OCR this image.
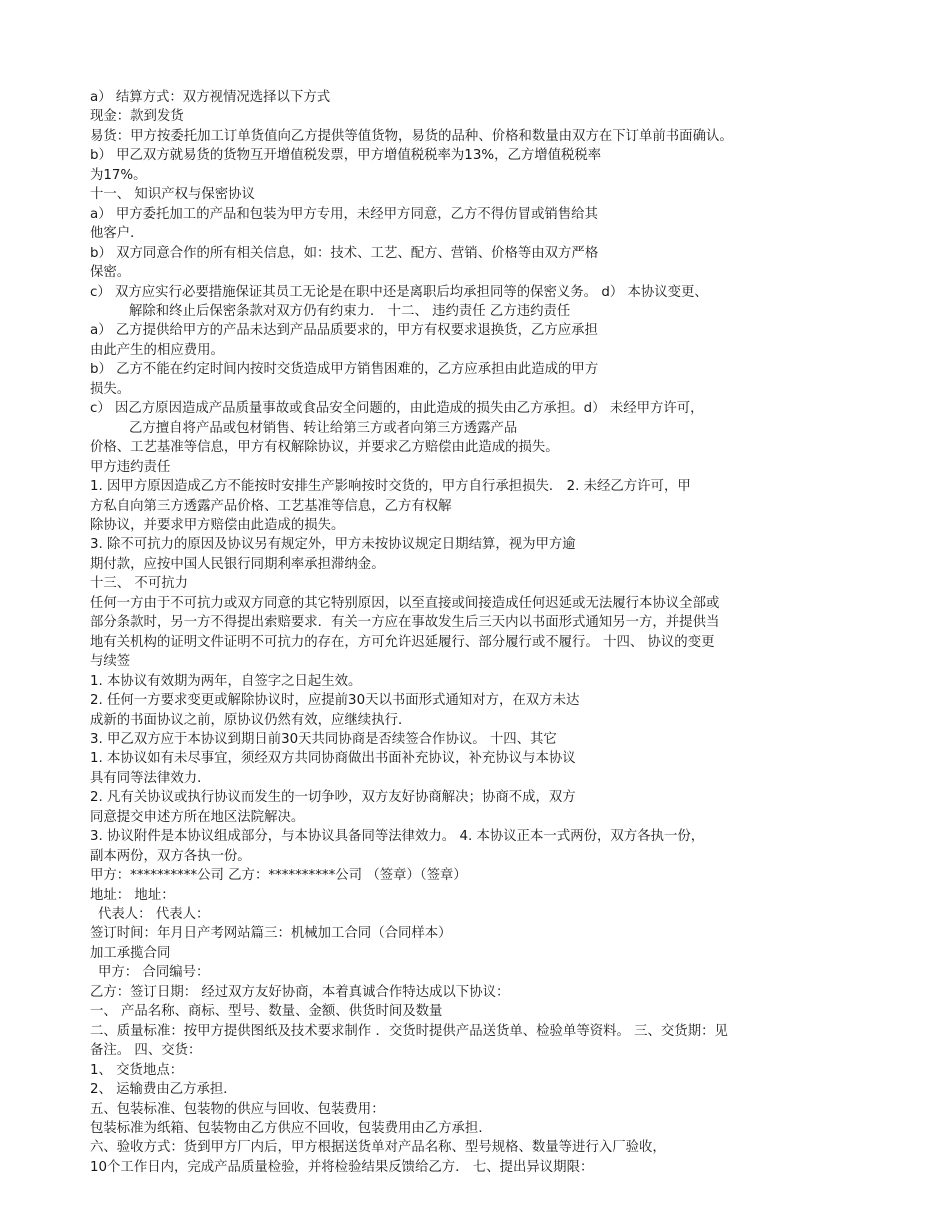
a） 结算方式：双方视情况选择以下方式
现金：款到发货
易货：甲方按委托加工订单货值向乙方提供等值货物，易货的品种、价格和数量由双方在下订单前书面确认。
b） 甲乙双方就易货的货物互开增值税发票，甲方增值税税率为13%，乙方增值税税率
为17%。
十一、 知识产权与保密协议
a） 甲方委托加工的产品和包装为甲方专用，未经甲方同意，乙方不得仿冒或销售给其
他客户．
b） 双方同意合作的所有相关信息，如：技术、工艺、配方、营销、价格等由双方严格
保密。
c） 双方应实行必要措施保证其员工无论是在职中还是离职后均承担同等的保密义务。 d） 本协议变更、
解除和终止后保密条款对双方仍有约束力． 十二、 违约责任 乙方违约责任
a） 乙方提供给甲方的产品未达到产品品质要求的，甲方有权要求退换货，乙方应承担
由此产生的相应费用。
b） 乙方不能在约定时间内按时交货造成甲方销售困难的，乙方应承担由此造成的甲方
损失。
c） 因乙方原因造成产品质量事故或食品安全问题的，由此造成的损失由乙方承担。d） 未经甲方许可，
乙方擅自将产品或包材销售、转让给第三方或者向第三方透露产品
价格、工艺基准等信息，甲方有权解除协议，并要求乙方赔偿由此造成的损失。
甲方违约责任
1. 因甲方原因造成乙方不能按时安排生产影响按时交货的，甲方自行承担损失． 2. 未经乙方许可，甲
方私自向第三方透露产品价格、工艺基准等信息，乙方有权解
除协议，并要求甲方赔偿由此造成的损失。
3. 除不可抗力的原因及协议另有规定外，甲方未按协议规定日期结算，视为甲方逾
期付款，应按中国人民银行同期利率承担滞纳金。
十三、 不可抗力
任何一方由于不可抗力或双方同意的其它特别原因，以至直接或间接造成任何迟延或无法履行本协议全部或
部分条款时，另一方不得提出索赔要求．有关一方应在事故发生后三天内以书面形式通知另一方，并提供当
地有关机构的证明文件证明不可抗力的存在，方可允许迟延履行、部分履行或不履行。 十四、 协议的变更
与续签
1. 本协议有效期为两年，自签字之日起生效。
2. 任何一方要求变更或解除协议时，应提前30天以书面形式通知对方，在双方未达
成新的书面协议之前，原协议仍然有效，应继续执行．
3. 甲乙双方应于本协议到期日前30天共同协商是否续签合作协议。 十四、其它
1. 本协议如有未尽事宜，须经双方共同协商做出书面补充协议，补充协议与本协议
具有同等法律效力．
2. 凡有关协议或执行协议而发生的一切争吵，双方友好协商解决；协商不成，双方
同意提交申述方所在地区法院解决。
3. 协议附件是本协议组成部分，与本协议具备同等法律效力。 4. 本协议正本一式两份，双方各执一份，
副本两份，双方各执一份。
甲方：**********公司 乙方：**********公司 （签章）（签章）
地址： 地址：
代表人： 代表人：
签订时间：年月日产考网站篇三：机械加工合同（合同样本）
加工承揽合同
甲方： 合同编号：
乙方：签订日期： 经过双方友好协商，本着真诚合作特达成以下协议：
一、 产品名称、商标、型号、数量、金额、供货时间及数量
二、质量标准：按甲方提供图纸及技术要求制作 ．交货时提供产品送货单、检验单等资料。 三、交货期：见
备注。 四、交货：
1、 交货地点：
2、 运输费由乙方承担．
五、包装标准、包装物的供应与回收、包装费用：
包装标准为纸箱、包装物由乙方供应不回收，包装费用由乙方承担．
六、验收方式：货到甲方厂内后，甲方根据送货单对产品名称、型号规格、数量等进行入厂验收，
10个工作日内，完成产品质量检验，并将检验结果反馈给乙方． 七、提出异议期限：
